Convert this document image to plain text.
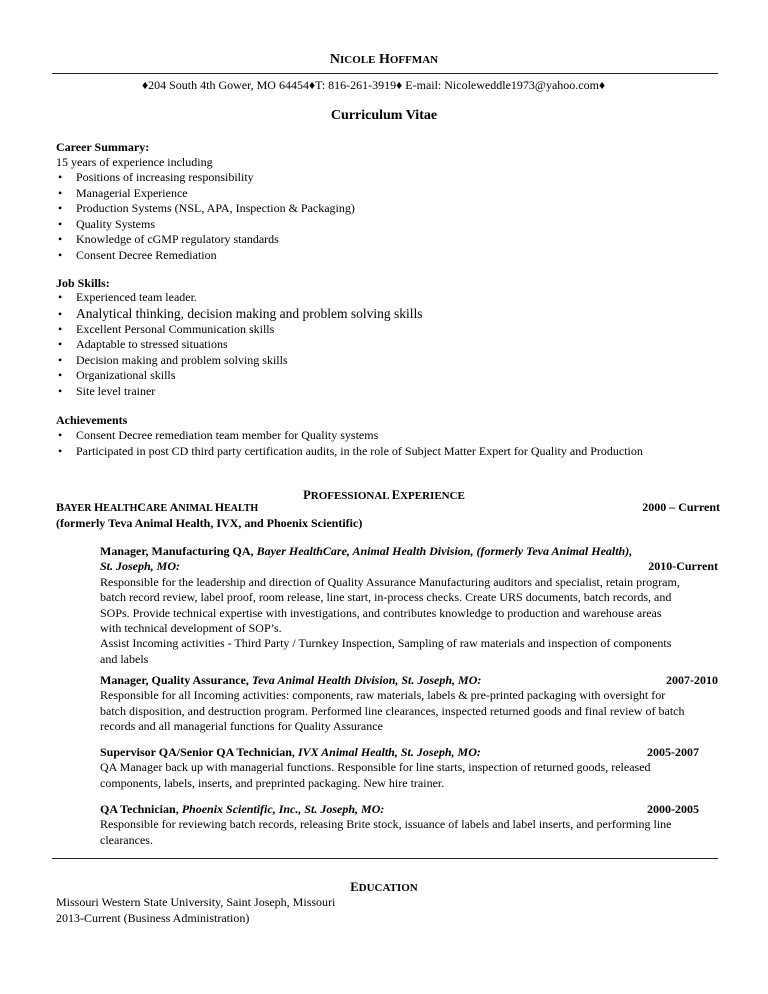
NICOLE HOFFMAN
♦204 South 4th Gower, MO 64454♦T: 816-261-3919♦ E-mail: Nicoleweddle1973@yahoo.com♦
Curriculum Vitae
Career Summary:
15 years of experience including
• Positions of increasing responsibility
• Managerial Experience
• Production Systems (NSL, APA, Inspection & Packaging)
• Quality Systems
• Knowledge of cGMP regulatory standards
• Consent Decree Remediation
Job Skills:
• Experienced team leader.
• Analytical thinking, decision making and problem solving skills
• Excellent Personal Communication skills
• Adaptable to stressed situations
• Decision making and problem solving skills
• Organizational skills
• Site level trainer
Achievements
• Consent Decree remediation team member for Quality systems
• Participated in post CD third party certification audits, in the role of Subject Matter Expert for Quality and Production
PROFESSIONAL EXPERIENCE
BAYER HEALTHCARE ANIMAL HEALTH	2000 – Current
(formerly Teva Animal Health, IVX, and Phoenix Scientific)
Manager, Manufacturing QA, Bayer HealthCare, Animal Health Division, (formerly Teva Animal Health),
St. Joseph, MO:	2010-Current
Responsible for the leadership and direction of Quality Assurance Manufacturing auditors and specialist, retain program,
batch record review, label proof, room release, line start, in-process checks. Create URS documents, batch records, and
SOPs. Provide technical expertise with investigations, and contributes knowledge to production and warehouse areas
with technical development of SOP’s.
Assist Incoming activities - Third Party / Turnkey Inspection, Sampling of raw materials and inspection of components
and labels
Manager, Quality Assurance, Teva Animal Health Division, St. Joseph, MO:	2007-2010
Responsible for all Incoming activities: components, raw materials, labels & pre-printed packaging with oversight for
batch disposition, and destruction program. Performed line clearances, inspected returned goods and final review of batch
records and all managerial functions for Quality Assurance
Supervisor QA/Senior QA Technician, IVX Animal Health, St. Joseph, MO:	2005-2007
QA Manager back up with managerial functions. Responsible for line starts, inspection of returned goods, released
components, labels, inserts, and preprinted packaging. New hire trainer.
QA Technician, Phoenix Scientific, Inc., St. Joseph, MO:	2000-2005
Responsible for reviewing batch records, releasing Brite stock, issuance of labels and label inserts, and performing line
clearances.
EDUCATION
Missouri Western State University, Saint Joseph, Missouri
2013-Current (Business Administration)
